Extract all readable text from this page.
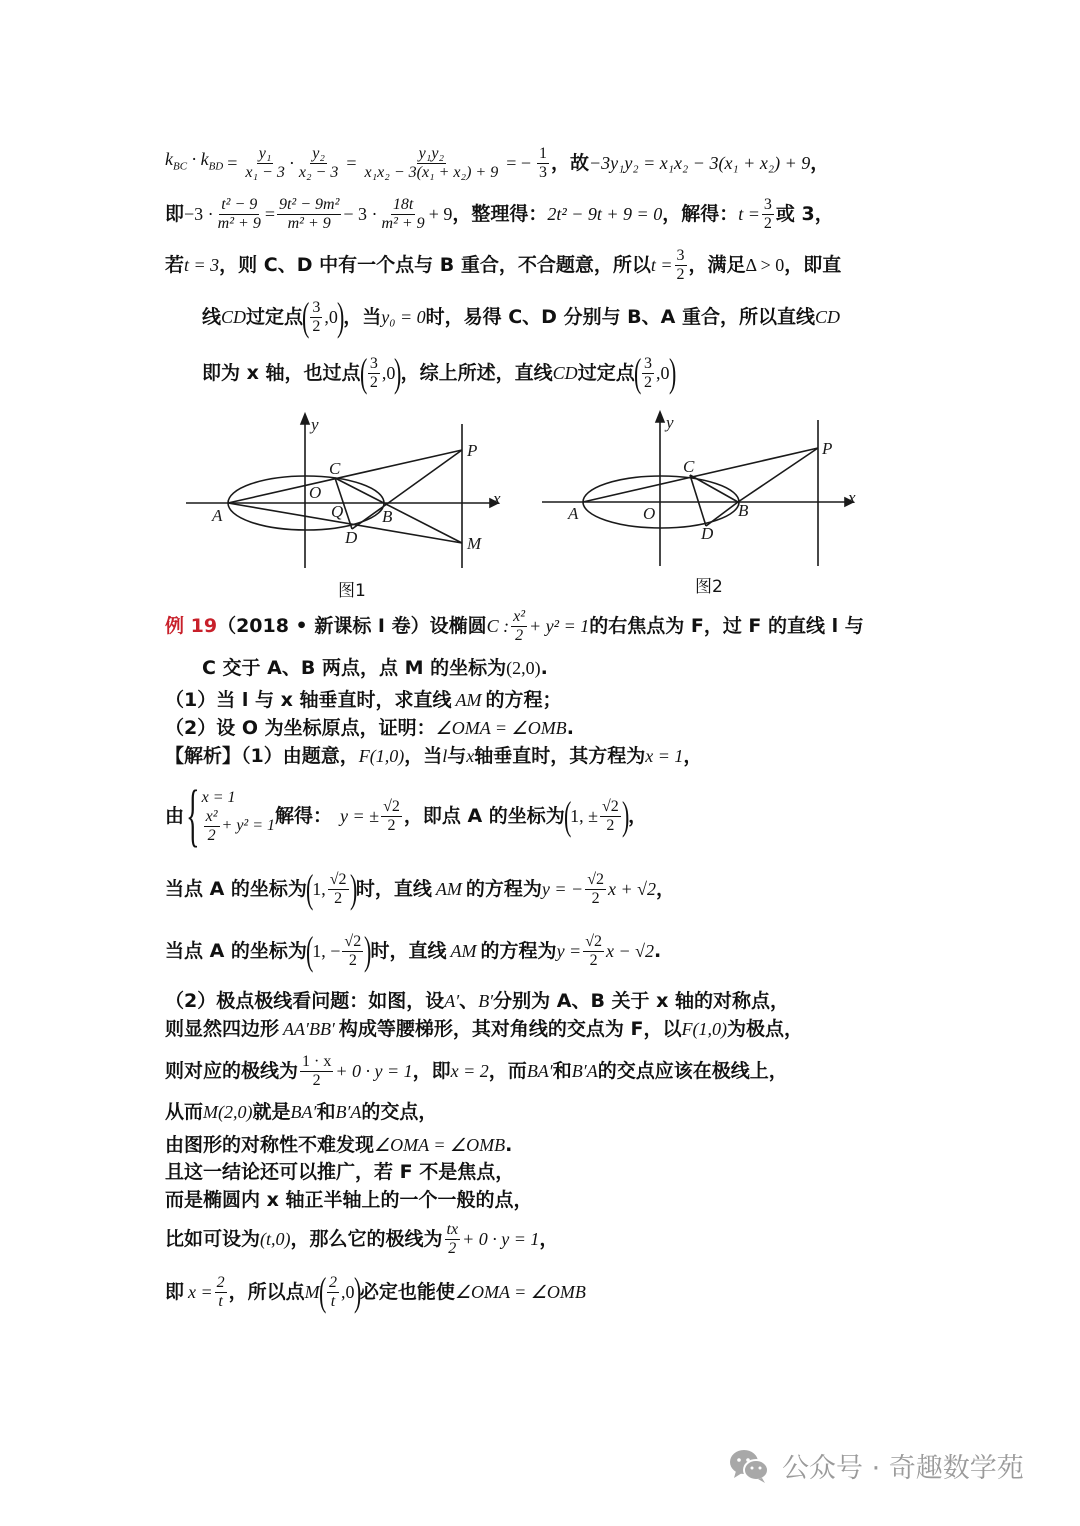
$k_{BC} \cdot k_{BD} = \frac{\text{y₁}}{\text{x₁ − 3}} \cdot \frac{\text{y₂}}{\text{x₂ − 3}} = \frac{\text{y₁y₂}}{\text{x₁x₂ − 3(x₁ + x₂) + 9}}$ = − $\frac{1}{3}$ ，故 −3y₁y₂ = x₁x₂ − 3(x₁ + x₂) + 9 ，
即 $-3 \cdot \frac{\text{t² − 9}}{\text{m² + 9}} = \frac{\text{9t² − 9m²}}{\text{m² + 9}} - 3 \cdot \frac{18t}{\text{m² + 9}} + 9$ ，整理得： 2t² − 9t + 9 = 0 ，解得： $t = \frac{3}{2}$ 或 3，
若 t = 3 ，则 C、D 中有一个点与 B 重合，不合题意，所以 $t = \frac{3}{2}$ ，满足 Δ > 0 ，即直
线 CD 过定点
( $\frac{3}{2} ,0$
)
，当 y₀ = 0 时，易得 C、D 分别与 B、A 重合，所以直线 CD
即为 x 轴，也过点
( $\frac{3}{2} ,0$
)
，综上所述，直线 CD 过定点
( $\frac{3}{2} ,0$
)
y
x
A	B
C
D
O
Q
P
M
y
x
A	B
C
D
O
P
图1	图2
例 19 （2018 • 新课标 Ⅰ 卷）设椭圆 C : $\frac{\text{x²}}{2} + y^2 = 1$ 的右焦点为 F，过 F 的直线 l 与
C 交于 A、B 两点，点 M 的坐标为 (2,0) .
（1）当 l 与 x 轴垂直时，求直线 AM 的方程；
（2）设 O 为坐标原点，证明： ∠OMA = ∠OMB .
【解析】（1）由题意， F(1,0) ，当 l 与 x 轴垂直时，其方程为 x = 1 ，
由 { x = 1
$\frac{\text{x²}}{2} + y^2 = 1$ 解得： y = ± $\frac{√2}{2}$ ，即点 A 的坐标为
(
1, ± $\frac{√2}{2}$ )
，
当点 A 的坐标为
(
1, $\frac{√2}{2}$ )
时，直线 AM 的方程为 y = − $\frac{√2}{2}$ x + √2 ，
当点 A 的坐标为
(
1, − $\frac{√2}{2}$ )
时，直线 AM 的方程为 $y = \frac{√2}{2}$ x − √2 .
（2）极点极线看问题：如图，设 A′ 、 B′ 分别为 A、B 关于 x 轴的对称点，
则显然四边形 AA′BB′ 构成等腰梯形，其对角线的交点为 F，以 F(1,0) 为极点，
则对应的极线为 $\frac{1 \cdot x}{2} + 0 \cdot y = 1$ ，即 x = 2 ，而 BA′ 和 B′A 的交点应该在极线上，
从而 M(2,0) 就是 BA′ 和 B′A 的交点，
由图形的对称性不难发现 ∠OMA = ∠OMB .
且这一结论还可以推广，若 F 不是焦点，
而是椭圆内 x 轴正半轴上的一个一般的点，
比如可设为 (t,0) ，那么它的极线为 $\frac{tx}{2} + 0 \cdot y = 1$ ，
即 $x = \frac{2}{t}$ ，所以点 M
( $\frac{2}{t} ,0$
)
必定也能使 ∠OMA = ∠OMB
公众号 · 奇趣数学苑
